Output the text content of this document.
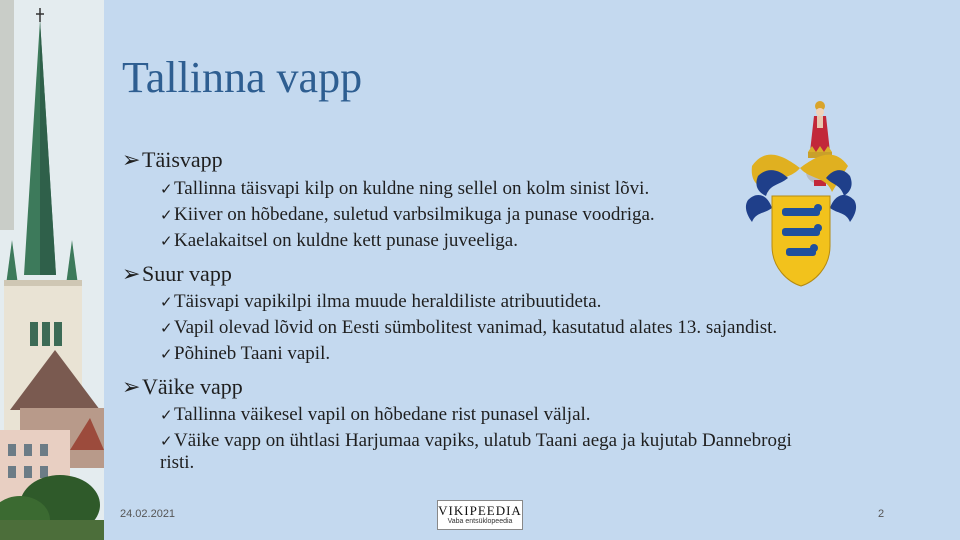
Tallinna vapp
➢Täisvapp
✓Tallinna täisvapi kilp on kuldne ning sellel on kolm sinist lõvi.
✓Kiiver on hõbedane, suletud varbsilmikuga ja punase voodriga.
✓Kaelakaitsel on kuldne kett punase juveeliga.
➢Suur vapp
✓Täisvapi vapikilpi ilma muude heraldiliste atribuutideta.
✓Vapil olevad lõvid on Eesti sümbolitest vanimad, kasutatud alates 13. sajandist.
✓Põhineb Taani vapil.
➢Väike vapp
✓Tallinna väikesel vapil on hõbedane rist punasel väljal.
✓Väike vapp on ühtlasi Harjumaa vapiks, ulatub Taani aega ja kujutab Dannebrogi risti.
24.02.2021	VIKIPEEDIA
Vaba entsüklopeedia
2
